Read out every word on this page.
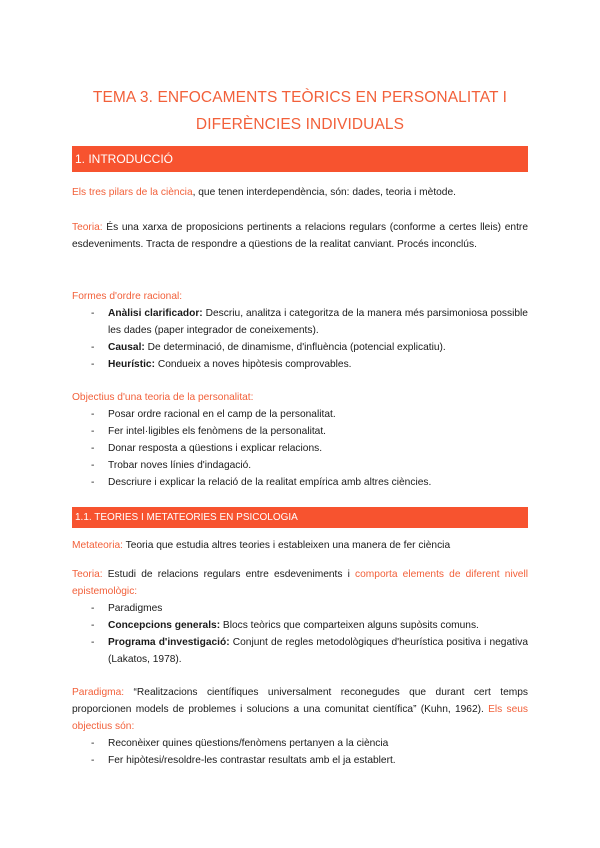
TEMA 3. ENFOCAMENTS TEÒRICS EN PERSONALITAT I
DIFERÈNCIES INDIVIDUALS
1. INTRODUCCIÓ

Els tres pilars de la ciència, que tenen interdependència, són: dades, teoria i mètode.

Teoria: És una xarxa de proposicions pertinents a relacions regulars (conforme a certes lleis) entre esdeveniments. Tracta de respondre a qüestions de la realitat canviant. Procés inconclús.

Formes d'ordre racional:

- Anàlisi clarificador: Descriu, analitza i categoritza de la manera més parsimoniosa possible les dades (paper integrador de coneixements).
- Causal: De determinació, de dinamisme, d'influència (potencial explicatiu).
- Heurístic: Condueix a noves hipòtesis comprovables.

Objectius d'una teoria de la personalitat:

- Posar ordre racional en el camp de la personalitat.
- Fer intel·ligibles els fenòmens de la personalitat.
- Donar resposta a qüestions i explicar relacions.
- Trobar noves línies d'indagació.
- Descriure i explicar la relació de la realitat empírica amb altres ciències.
1.1. TEORIES I METATEORIES EN PSICOLOGIA

Metateoria: Teoria que estudia altres teories i estableixen una manera de fer ciència

Teoria: Estudi de relacions regulars entre esdeveniments i comporta elements de diferent nivell epistemològic:

- Paradigmes
- Concepcions generals: Blocs teòrics que comparteixen alguns supòsits comuns.
- Programa d'investigació: Conjunt de regles metodològiques d'heurística positiva i negativa (Lakatos, 1978).

Paradigma: “Realitzacions científiques universalment reconegudes que durant cert temps proporcionen models de problemes i solucions a una comunitat científica” (Kuhn, 1962). Els seus objectius són:

- Reconèixer quines qüestions/fenòmens pertanyen a la ciència
- Fer hipòtesi/resoldre-les contrastar resultats amb el ja establert.
